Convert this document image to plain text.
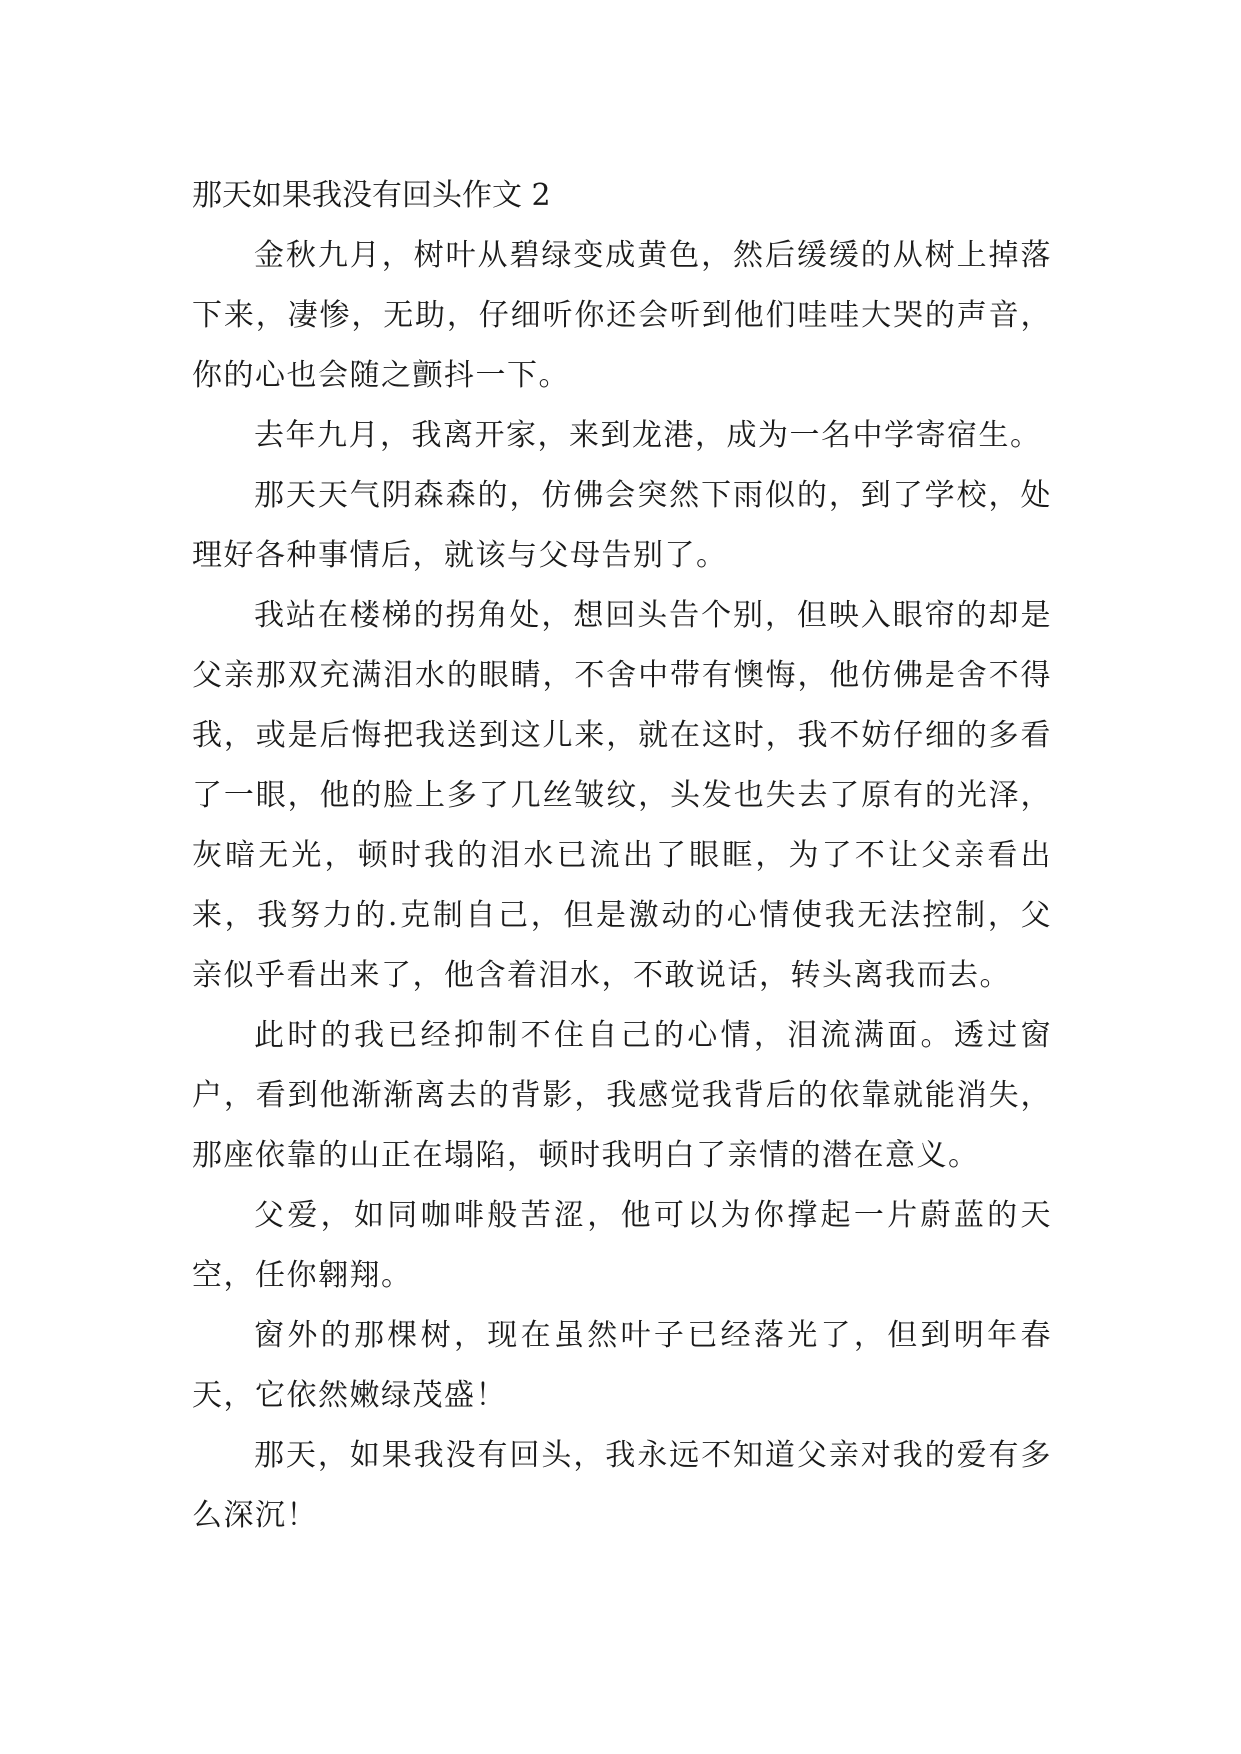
那天如果我没有回头作文 2

金秋九月，树叶从碧绿变成黄色，然后缓缓的从树上掉落下来，凄惨，无助，仔细听你还会听到他们哇哇大哭的声音，你的心也会随之颤抖一下。

去年九月，我离开家，来到龙港，成为一名中学寄宿生。

那天天气阴森森的，仿佛会突然下雨似的，到了学校，处理好各种事情后，就该与父母告别了。

我站在楼梯的拐角处，想回头告个别，但映入眼帘的却是父亲那双充满泪水的眼睛，不舍中带有懊悔，他仿佛是舍不得我，或是后悔把我送到这儿来，就在这时，我不妨仔细的多看了一眼，他的脸上多了几丝皱纹，头发也失去了原有的光泽，灰暗无光，顿时我的泪水已流出了眼眶，为了不让父亲看出来，我努力的.克制自己，但是激动的心情使我无法控制，父亲似乎看出来了，他含着泪水，不敢说话，转头离我而去。

此时的我已经抑制不住自己的心情，泪流满面。透过窗户，看到他渐渐离去的背影，我感觉我背后的依靠就能消失，那座依靠的山正在塌陷，顿时我明白了亲情的潜在意义。

父爱，如同咖啡般苦涩，他可以为你撑起一片蔚蓝的天空，任你翱翔。

窗外的那棵树，现在虽然叶子已经落光了，但到明年春天，它依然嫩绿茂盛！

那天，如果我没有回头，我永远不知道父亲对我的爱有多么深沉！
